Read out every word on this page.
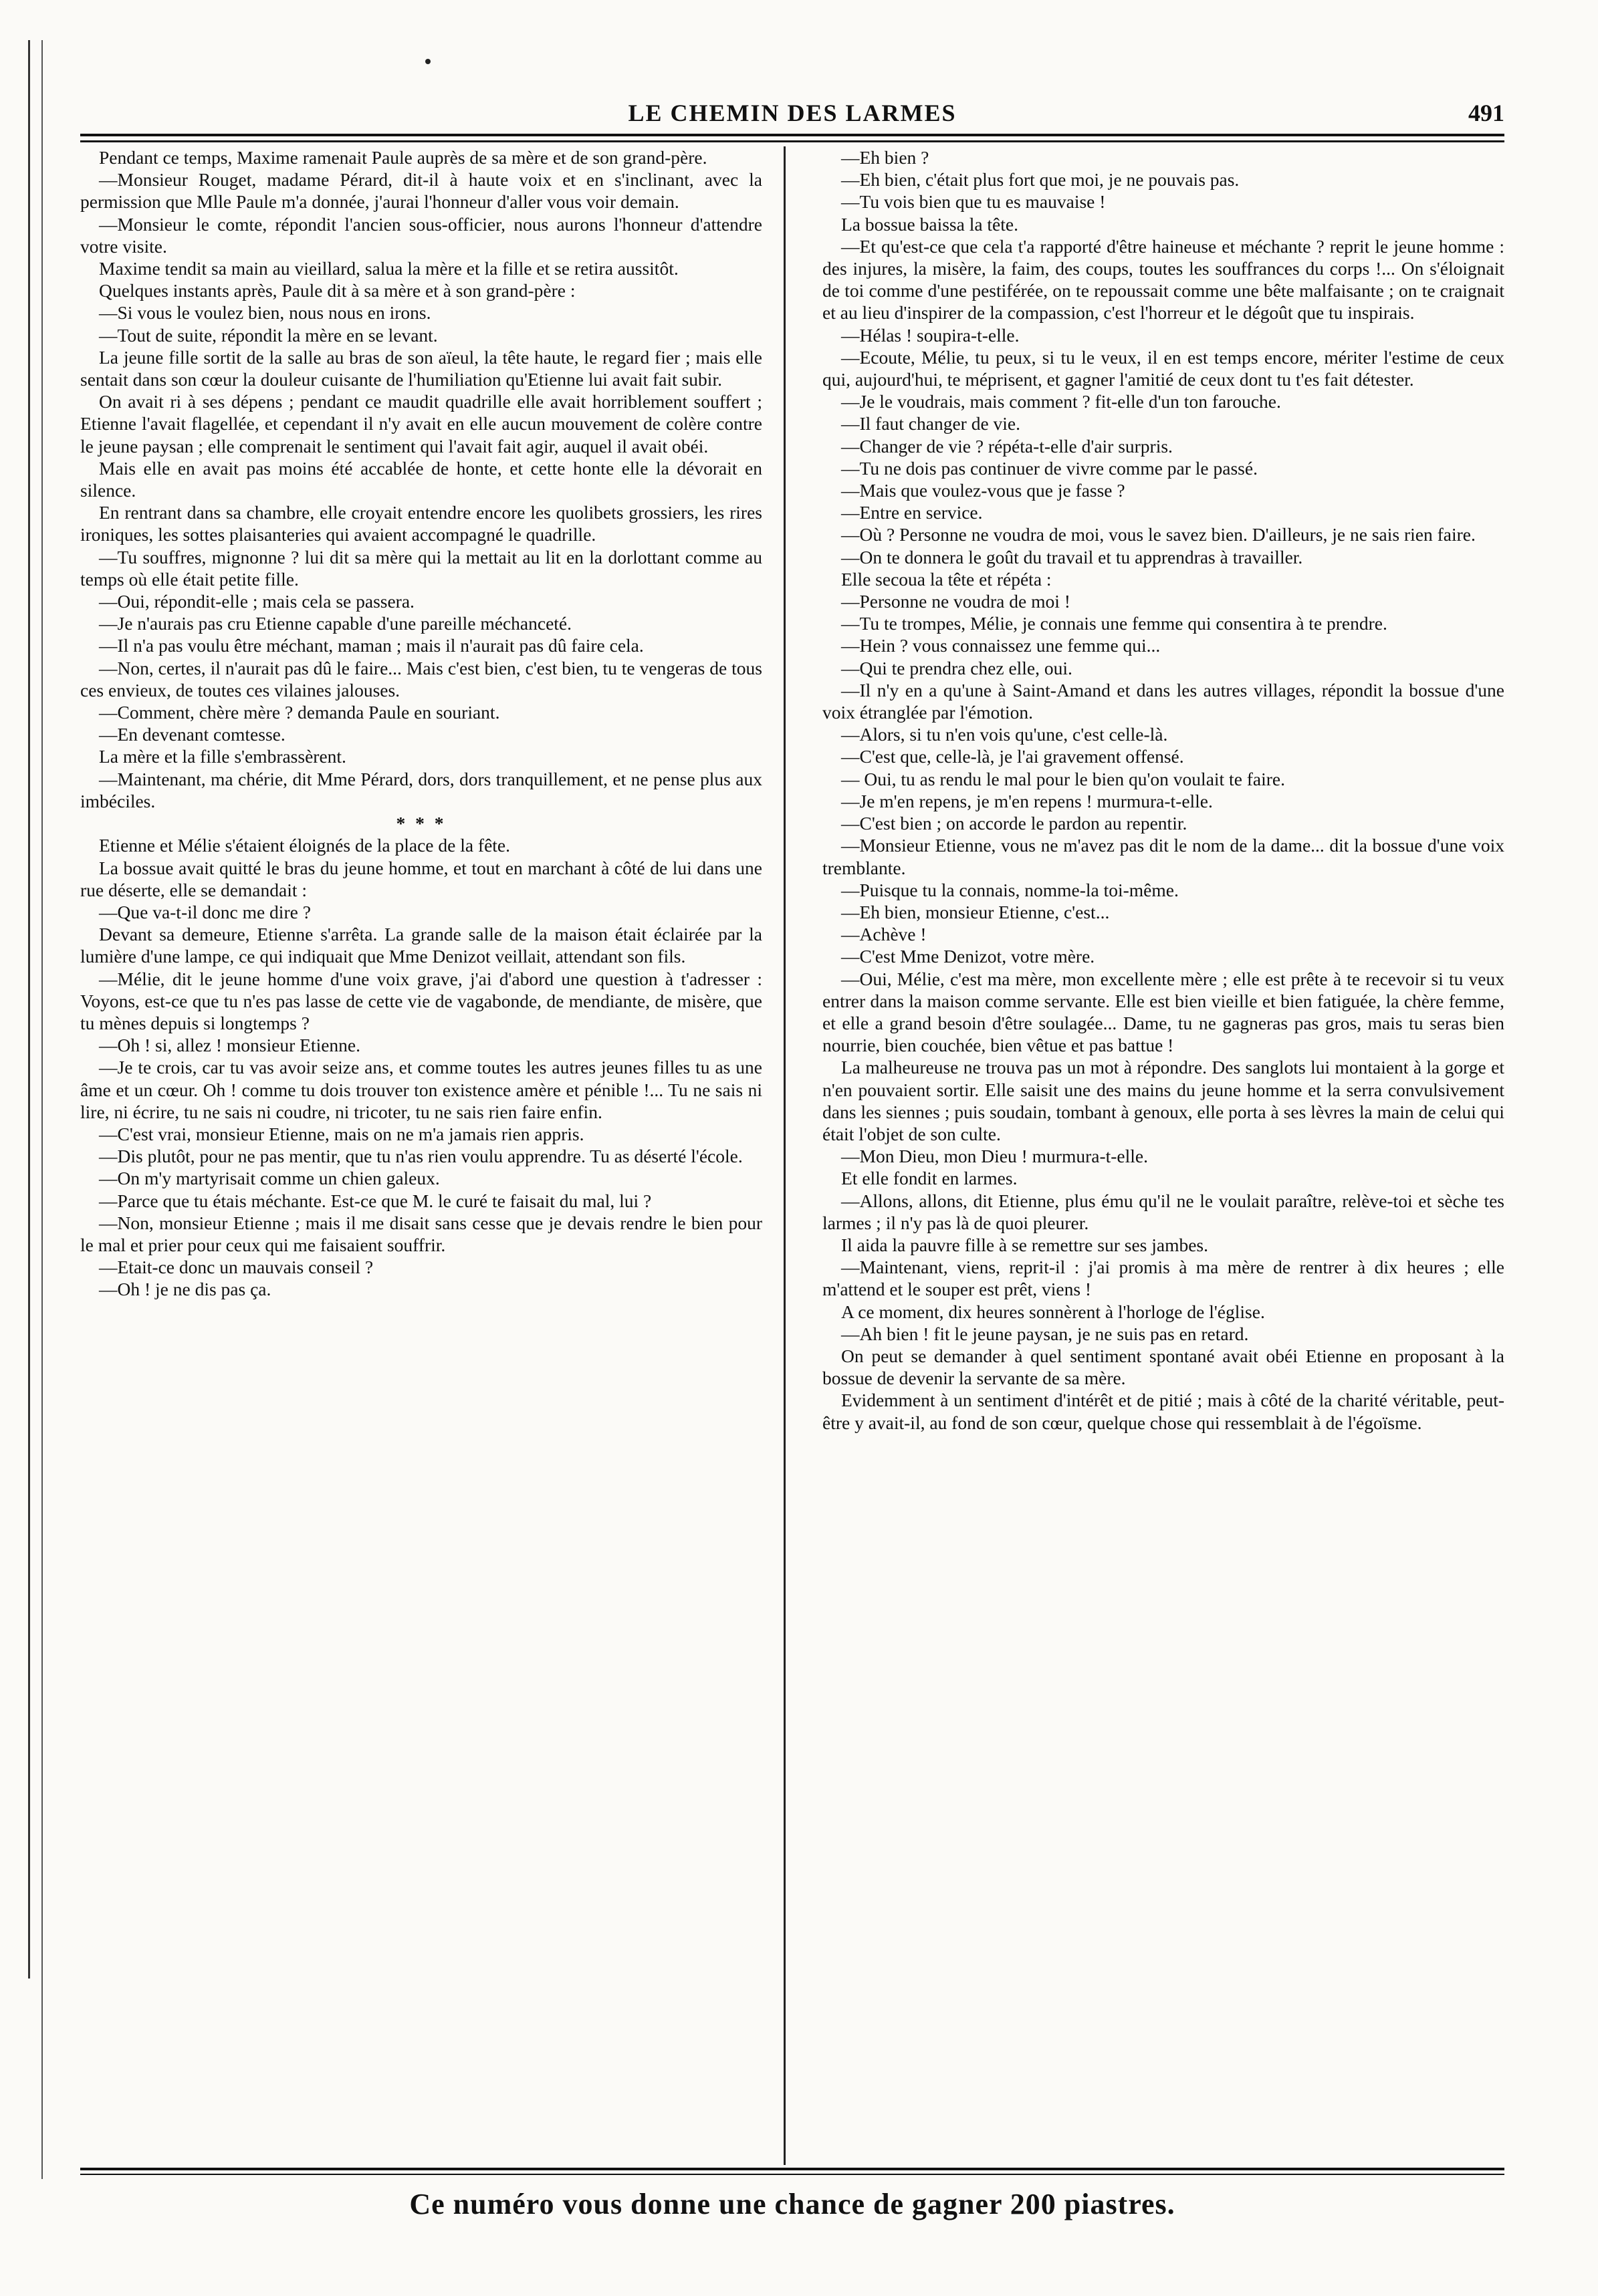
LE CHEMIN DES LARMES	491

Pendant ce temps, Maxime ramenait Paule auprès de sa mère et de son grand-père.

—Monsieur Rouget, madame Pérard, dit-il à haute voix et en s'inclinant, avec la permission que Mlle Paule m'a donnée, j'aurai l'honneur d'aller vous voir demain.

—Monsieur le comte, répondit l'ancien sous-officier, nous aurons l'honneur d'attendre votre visite.

Maxime tendit sa main au vieillard, salua la mère et la fille et se retira aussitôt.

Quelques instants après, Paule dit à sa mère et à son grand-père :

—Si vous le voulez bien, nous nous en irons.

—Tout de suite, répondit la mère en se levant.

La jeune fille sortit de la salle au bras de son aïeul, la tête haute, le regard fier ; mais elle sentait dans son cœur la douleur cuisante de l'humiliation qu'Etienne lui avait fait subir.

On avait ri à ses dépens ; pendant ce maudit quadrille elle avait horriblement souffert ; Etienne l'avait flagellée, et cependant il n'y avait en elle aucun mouvement de colère contre le jeune paysan ; elle comprenait le sentiment qui l'avait fait agir, auquel il avait obéi.

Mais elle en avait pas moins été accablée de honte, et cette honte elle la dévorait en silence.

En rentrant dans sa chambre, elle croyait entendre encore les quolibets grossiers, les rires ironiques, les sottes plaisanteries qui avaient accompagné le quadrille.

—Tu souffres, mignonne ? lui dit sa mère qui la mettait au lit en la dorlottant comme au temps où elle était petite fille.

—Oui, répondit-elle ; mais cela se passera.

—Je n'aurais pas cru Etienne capable d'une pareille méchanceté.

—Il n'a pas voulu être méchant, maman ; mais il n'aurait pas dû faire cela.

—Non, certes, il n'aurait pas dû le faire... Mais c'est bien, c'est bien, tu te vengeras de tous ces envieux, de toutes ces vilaines jalouses.

—Comment, chère mère ? demanda Paule en souriant.

—En devenant comtesse.

La mère et la fille s'embrassèrent.

—Maintenant, ma chérie, dit Mme Pérard, dors, dors tranquillement, et ne pense plus aux imbéciles.

* * *

Etienne et Mélie s'étaient éloignés de la place de la fête.

La bossue avait quitté le bras du jeune homme, et tout en marchant à côté de lui dans une rue déserte, elle se demandait :

—Que va-t-il donc me dire ?

Devant sa demeure, Etienne s'arrêta. La grande salle de la maison était éclairée par la lumière d'une lampe, ce qui indiquait que Mme Denizot veillait, attendant son fils.

—Mélie, dit le jeune homme d'une voix grave, j'ai d'abord une question à t'adresser : Voyons, est-ce que tu n'es pas lasse de cette vie de vagabonde, de mendiante, de misère, que tu mènes depuis si longtemps ?

—Oh ! si, allez ! monsieur Etienne.

—Je te crois, car tu vas avoir seize ans, et comme toutes les autres jeunes filles tu as une âme et un cœur. Oh ! comme tu dois trouver ton existence amère et pénible !... Tu ne sais ni lire, ni écrire, tu ne sais ni coudre, ni tricoter, tu ne sais rien faire enfin.

—C'est vrai, monsieur Etienne, mais on ne m'a jamais rien appris.

—Dis plutôt, pour ne pas mentir, que tu n'as rien voulu apprendre. Tu as déserté l'école.

—On m'y martyrisait comme un chien galeux.

—Parce que tu étais méchante. Est-ce que M. le curé te faisait du mal, lui ?

—Non, monsieur Etienne ; mais il me disait sans cesse que je devais rendre le bien pour le mal et prier pour ceux qui me faisaient souffrir.

—Etait-ce donc un mauvais conseil ?

—Oh ! je ne dis pas ça.

—Eh bien ?

—Eh bien, c'était plus fort que moi, je ne pouvais pas.

—Tu vois bien que tu es mauvaise !

La bossue baissa la tête.

—Et qu'est-ce que cela t'a rapporté d'être haineuse et méchante ? reprit le jeune homme : des injures, la misère, la faim, des coups, toutes les souffrances du corps !... On s'éloignait de toi comme d'une pestiférée, on te repoussait comme une bête malfaisante ; on te craignait et au lieu d'inspirer de la compassion, c'est l'horreur et le dégoût que tu inspirais.

—Hélas ! soupira-t-elle.

—Ecoute, Mélie, tu peux, si tu le veux, il en est temps encore, mériter l'estime de ceux qui, aujourd'hui, te méprisent, et gagner l'amitié de ceux dont tu t'es fait détester.

—Je le voudrais, mais comment ? fit-elle d'un ton farouche.

—Il faut changer de vie.

—Changer de vie ? répéta-t-elle d'air surpris.

—Tu ne dois pas continuer de vivre comme par le passé.

—Mais que voulez-vous que je fasse ?

—Entre en service.

—Où ? Personne ne voudra de moi, vous le savez bien. D'ailleurs, je ne sais rien faire.

—On te donnera le goût du travail et tu apprendras à travailler.

Elle secoua la tête et répéta :

—Personne ne voudra de moi !

—Tu te trompes, Mélie, je connais une femme qui consentira à te prendre.

—Hein ? vous connaissez une femme qui...

—Qui te prendra chez elle, oui.

—Il n'y en a qu'une à Saint-Amand et dans les autres villages, répondit la bossue d'une voix étranglée par l'émotion.

—Alors, si tu n'en vois qu'une, c'est celle-là.

—C'est que, celle-là, je l'ai gravement offensé.

— Oui, tu as rendu le mal pour le bien qu'on voulait te faire.

—Je m'en repens, je m'en repens ! murmura-t-elle.

—C'est bien ; on accorde le pardon au repentir.

—Monsieur Etienne, vous ne m'avez pas dit le nom de la dame... dit la bossue d'une voix tremblante.

—Puisque tu la connais, nomme-la toi-même.

—Eh bien, monsieur Etienne, c'est...

—Achève !

—C'est Mme Denizot, votre mère.

—Oui, Mélie, c'est ma mère, mon excellente mère ; elle est prête à te recevoir si tu veux entrer dans la maison comme servante. Elle est bien vieille et bien fatiguée, la chère femme, et elle a grand besoin d'être soulagée... Dame, tu ne gagneras pas gros, mais tu seras bien nourrie, bien couchée, bien vêtue et pas battue !

La malheureuse ne trouva pas un mot à répondre. Des sanglots lui montaient à la gorge et n'en pouvaient sortir. Elle saisit une des mains du jeune homme et la serra convulsivement dans les siennes ; puis soudain, tombant à genoux, elle porta à ses lèvres la main de celui qui était l'objet de son culte.

—Mon Dieu, mon Dieu ! murmura-t-elle.

Et elle fondit en larmes.

—Allons, allons, dit Etienne, plus ému qu'il ne le voulait paraître, relève-toi et sèche tes larmes ; il n'y pas là de quoi pleurer.

Il aida la pauvre fille à se remettre sur ses jambes.

—Maintenant, viens, reprit-il : j'ai promis à ma mère de rentrer à dix heures ; elle m'attend et le souper est prêt, viens !

A ce moment, dix heures sonnèrent à l'horloge de l'église.

—Ah bien ! fit le jeune paysan, je ne suis pas en retard.

On peut se demander à quel sentiment spontané avait obéi Etienne en proposant à la bossue de devenir la servante de sa mère.

Evidemment à un sentiment d'intérêt et de pitié ; mais à côté de la charité véritable, peut-être y avait-il, au fond de son cœur, quelque chose qui ressemblait à de l'égoïsme.

Ce numéro vous donne une chance de gagner 200 piastres.
